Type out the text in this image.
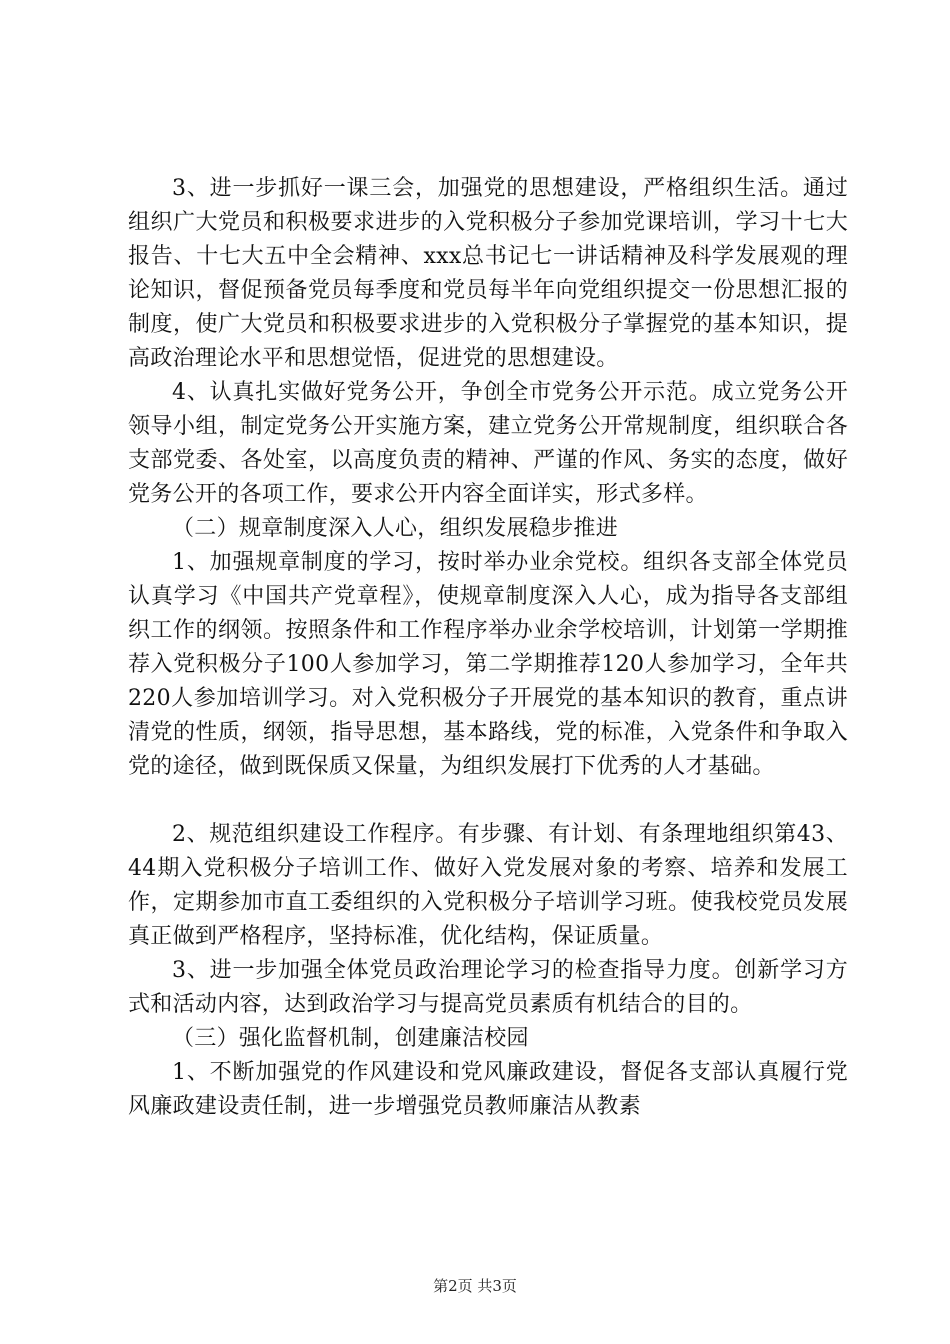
3、进一步抓好一课三会，加强党的思想建设，严格组织生活。通过组织广大党员和积极要求进步的入党积极分子参加党课培训，学习十七大报告、十七大五中全会精神、xxx总书记七一讲话精神及科学发展观的理论知识，督促预备党员每季度和党员每半年向党组织提交一份思想汇报的制度，使广大党员和积极要求进步的入党积极分子掌握党的基本知识，提高政治理论水平和思想觉悟，促进党的思想建设。

4、认真扎实做好党务公开，争创全市党务公开示范。成立党务公开领导小组，制定党务公开实施方案，建立党务公开常规制度，组织联合各支部党委、各处室，以高度负责的精神、严谨的作风、务实的态度，做好党务公开的各项工作，要求公开内容全面详实，形式多样。

（二）规章制度深入人心，组织发展稳步推进

1、加强规章制度的学习，按时举办业余党校。组织各支部全体党员认真学习《中国共产党章程》，使规章制度深入人心，成为指导各支部组织工作的纲领。按照条件和工作程序举办业余学校培训，计划第一学期推荐入党积极分子100人参加学习，第二学期推荐120人参加学习，全年共220人参加培训学习。对入党积极分子开展党的基本知识的教育，重点讲清党的性质，纲领，指导思想，基本路线，党的标准，入党条件和争取入党的途径，做到既保质又保量，为组织发展打下优秀的人才基础。

2、规范组织建设工作程序。有步骤、有计划、有条理地组织第43、44期入党积极分子培训工作、做好入党发展对象的考察、培养和发展工作，定期参加市直工委组织的入党积极分子培训学习班。使我校党员发展真正做到严格程序，坚持标准，优化结构，保证质量。

3、进一步加强全体党员政治理论学习的检查指导力度。创新学习方式和活动内容，达到政治学习与提高党员素质有机结合的目的。

（三）强化监督机制，创建廉洁校园

1、不断加强党的作风建设和党风廉政建设，督促各支部认真履行党风廉政建设责任制，进一步增强党员教师廉洁从教素

第2页 共3页
